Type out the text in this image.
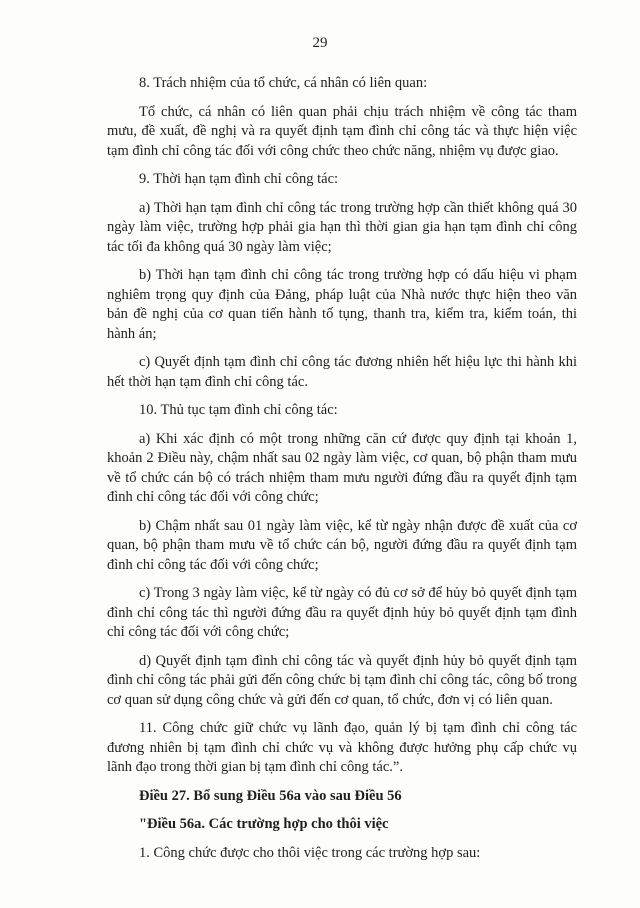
29

8. Trách nhiệm của tổ chức, cá nhân có liên quan:

Tổ chức, cá nhân có liên quan phải chịu trách nhiệm về công tác tham mưu, đề xuất, đề nghị và ra quyết định tạm đình chỉ công tác và thực hiện việc tạm đình chỉ công tác đối với công chức theo chức năng, nhiệm vụ được giao.

9. Thời hạn tạm đình chỉ công tác:

a) Thời hạn tạm đình chỉ công tác trong trường hợp cần thiết không quá 30 ngày làm việc, trường hợp phải gia hạn thì thời gian gia hạn tạm đình chỉ công tác tối đa không quá 30 ngày làm việc;

b) Thời hạn tạm đình chỉ công tác trong trường hợp có dấu hiệu vi phạm nghiêm trọng quy định của Đảng, pháp luật của Nhà nước thực hiện theo văn bản đề nghị của cơ quan tiến hành tố tụng, thanh tra, kiểm tra, kiểm toán, thi hành án;

c) Quyết định tạm đình chỉ công tác đương nhiên hết hiệu lực thi hành khi hết thời hạn tạm đình chỉ công tác.

10. Thủ tục tạm đình chỉ công tác:

a) Khi xác định có một trong những căn cứ được quy định tại khoản 1, khoản 2 Điều này, chậm nhất sau 02 ngày làm việc, cơ quan, bộ phận tham mưu về tổ chức cán bộ có trách nhiệm tham mưu người đứng đầu ra quyết định tạm đình chỉ công tác đối với công chức;

b) Chậm nhất sau 01 ngày làm việc, kể từ ngày nhận được đề xuất của cơ quan, bộ phận tham mưu về tổ chức cán bộ, người đứng đầu ra quyết định tạm đình chỉ công tác đối với công chức;

c) Trong 3 ngày làm việc, kể từ ngày có đủ cơ sở để hủy bỏ quyết định tạm đình chỉ công tác thì người đứng đầu ra quyết định hủy bỏ quyết định tạm đình chỉ công tác đối với công chức;

d) Quyết định tạm đình chỉ công tác và quyết định hủy bỏ quyết định tạm đình chỉ công tác phải gửi đến công chức bị tạm đình chỉ công tác, công bố trong cơ quan sử dụng công chức và gửi đến cơ quan, tổ chức, đơn vị có liên quan.

11. Công chức giữ chức vụ lãnh đạo, quản lý bị tạm đình chỉ công tác đương nhiên bị tạm đình chỉ chức vụ và không được hưởng phụ cấp chức vụ lãnh đạo trong thời gian bị tạm đình chỉ công tác.”.

Điều 27. Bổ sung Điều 56a vào sau Điều 56

"Điều 56a. Các trường hợp cho thôi việc

1. Công chức được cho thôi việc trong các trường hợp sau:
